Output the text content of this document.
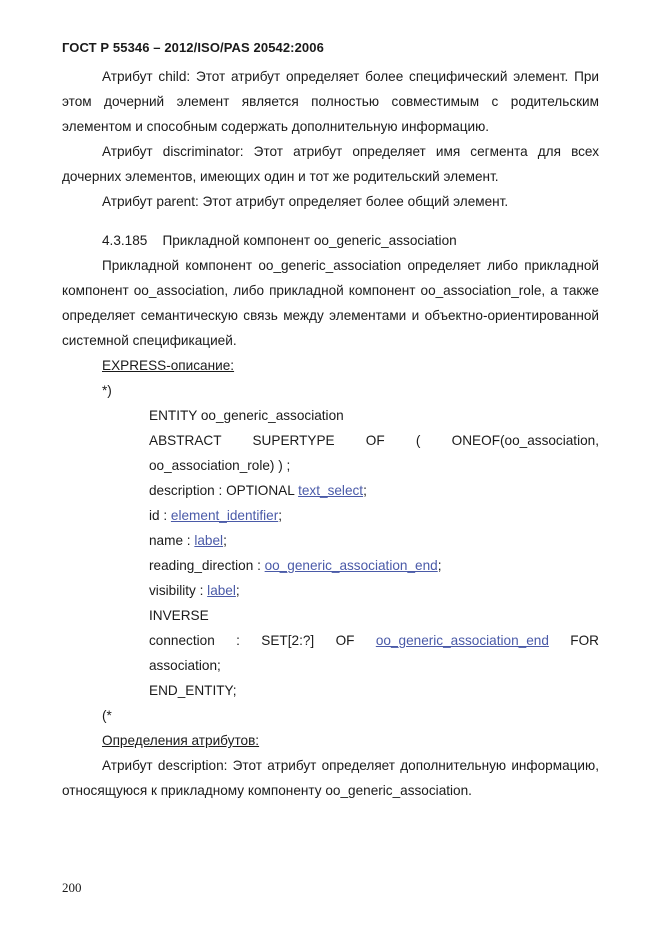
ГОСТ Р 55346 – 2012/ISO/PAS 20542:2006

Атрибут child: Этот атрибут определяет более специфический элемент. При этом дочерний элемент является полностью совместимым с родительским элементом и способным содержать дополнительную информацию.

Атрибут discriminator: Этот атрибут определяет имя сегмента для всех дочерних элементов, имеющих один и тот же родительский элемент.

Атрибут parent: Этот атрибут определяет более общий элемент.

4.3.185    Прикладной компонент oo_generic_association

Прикладной компонент oo_generic_association определяет либо прикладной компонент oo_association, либо прикладной компонент oo_association_role, а также определяет семантическую связь между элементами и объектно-ориентированной системной спецификацией.

EXPRESS-описание:

*)

ENTITY oo_generic_association

ABSTRACT SUPERTYPE OF ( ONEOF(oo_association,

oo_association_role) ) ;

description : OPTIONAL text_select;

id : element_identifier;

name : label;

reading_direction : oo_generic_association_end;

visibility : label;

INVERSE

connection : SET[2:?] OF oo_generic_association_end FOR

association;

END_ENTITY;

(*

Определения атрибутов:

Атрибут description: Этот атрибут определяет дополнительную информацию, относящуюся к прикладному компоненту oo_generic_association.

200
